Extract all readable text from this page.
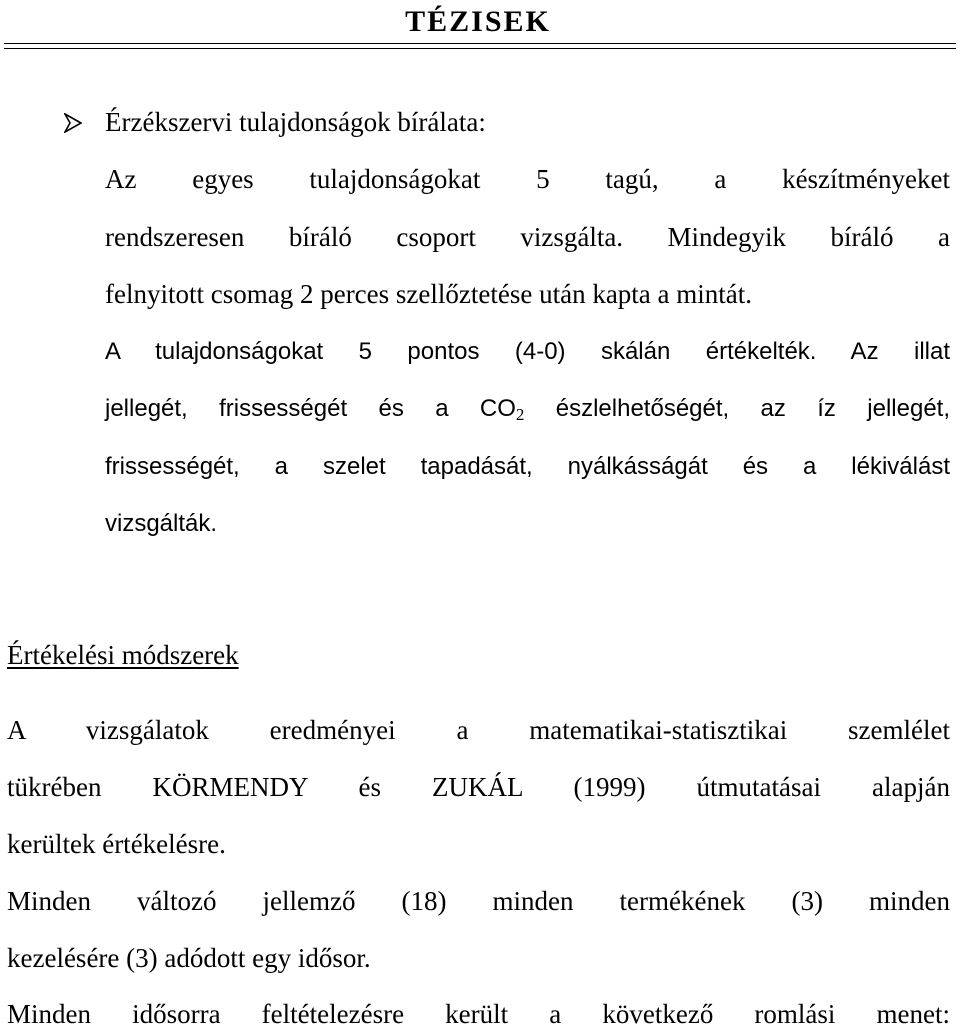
TÉZISEK
Érzékszervi tulajdonságok bírálata:
Az egyes tulajdonságokat 5 tagú, a készítményeket
rendszeresen bíráló csoport vizsgálta. Mindegyik bíráló a
felnyitott csomag 2 perces szellőztetése után kapta a mintát.
A tulajdonságokat 5 pontos (4-0) skálán értékelték. Az illat
jellegét, frissességét és a $CO_2$ észlelhetőségét, az íz jellegét,
frissességét, a szelet tapadását, nyálkásságát és a lékiválást
vizsgálták.
Értékelési módszerek
A vizsgálatok eredményei a matematikai-statisztikai szemlélet
tükrében KÖRMENDY és ZUKÁL (1999) útmutatásai alapján
kerültek értékelésre.
Minden változó jellemző (18) minden termékének (3) minden
kezelésére (3) adódott egy idősor.
Minden idősorra feltételezésre került a következő romlási menet:
